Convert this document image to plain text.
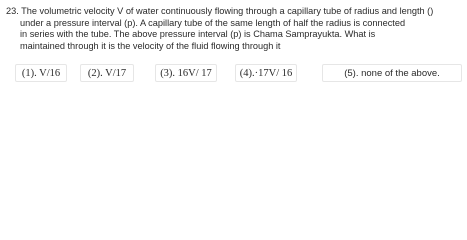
23. The volumetric velocity V of water continuously flowing through a capillary tube of radius and length ()
under a pressure interval (p). A capillary tube of the same length of half the radius is connected
in series with the tube. The above pressure interval (p) is Chama Samprayukta. What is
maintained through it is the velocity of the fluid flowing through it
(1). V/16	(2). V/17	(3). 16V/ 17	(4).·17V/ 16	(5). none of the above.
